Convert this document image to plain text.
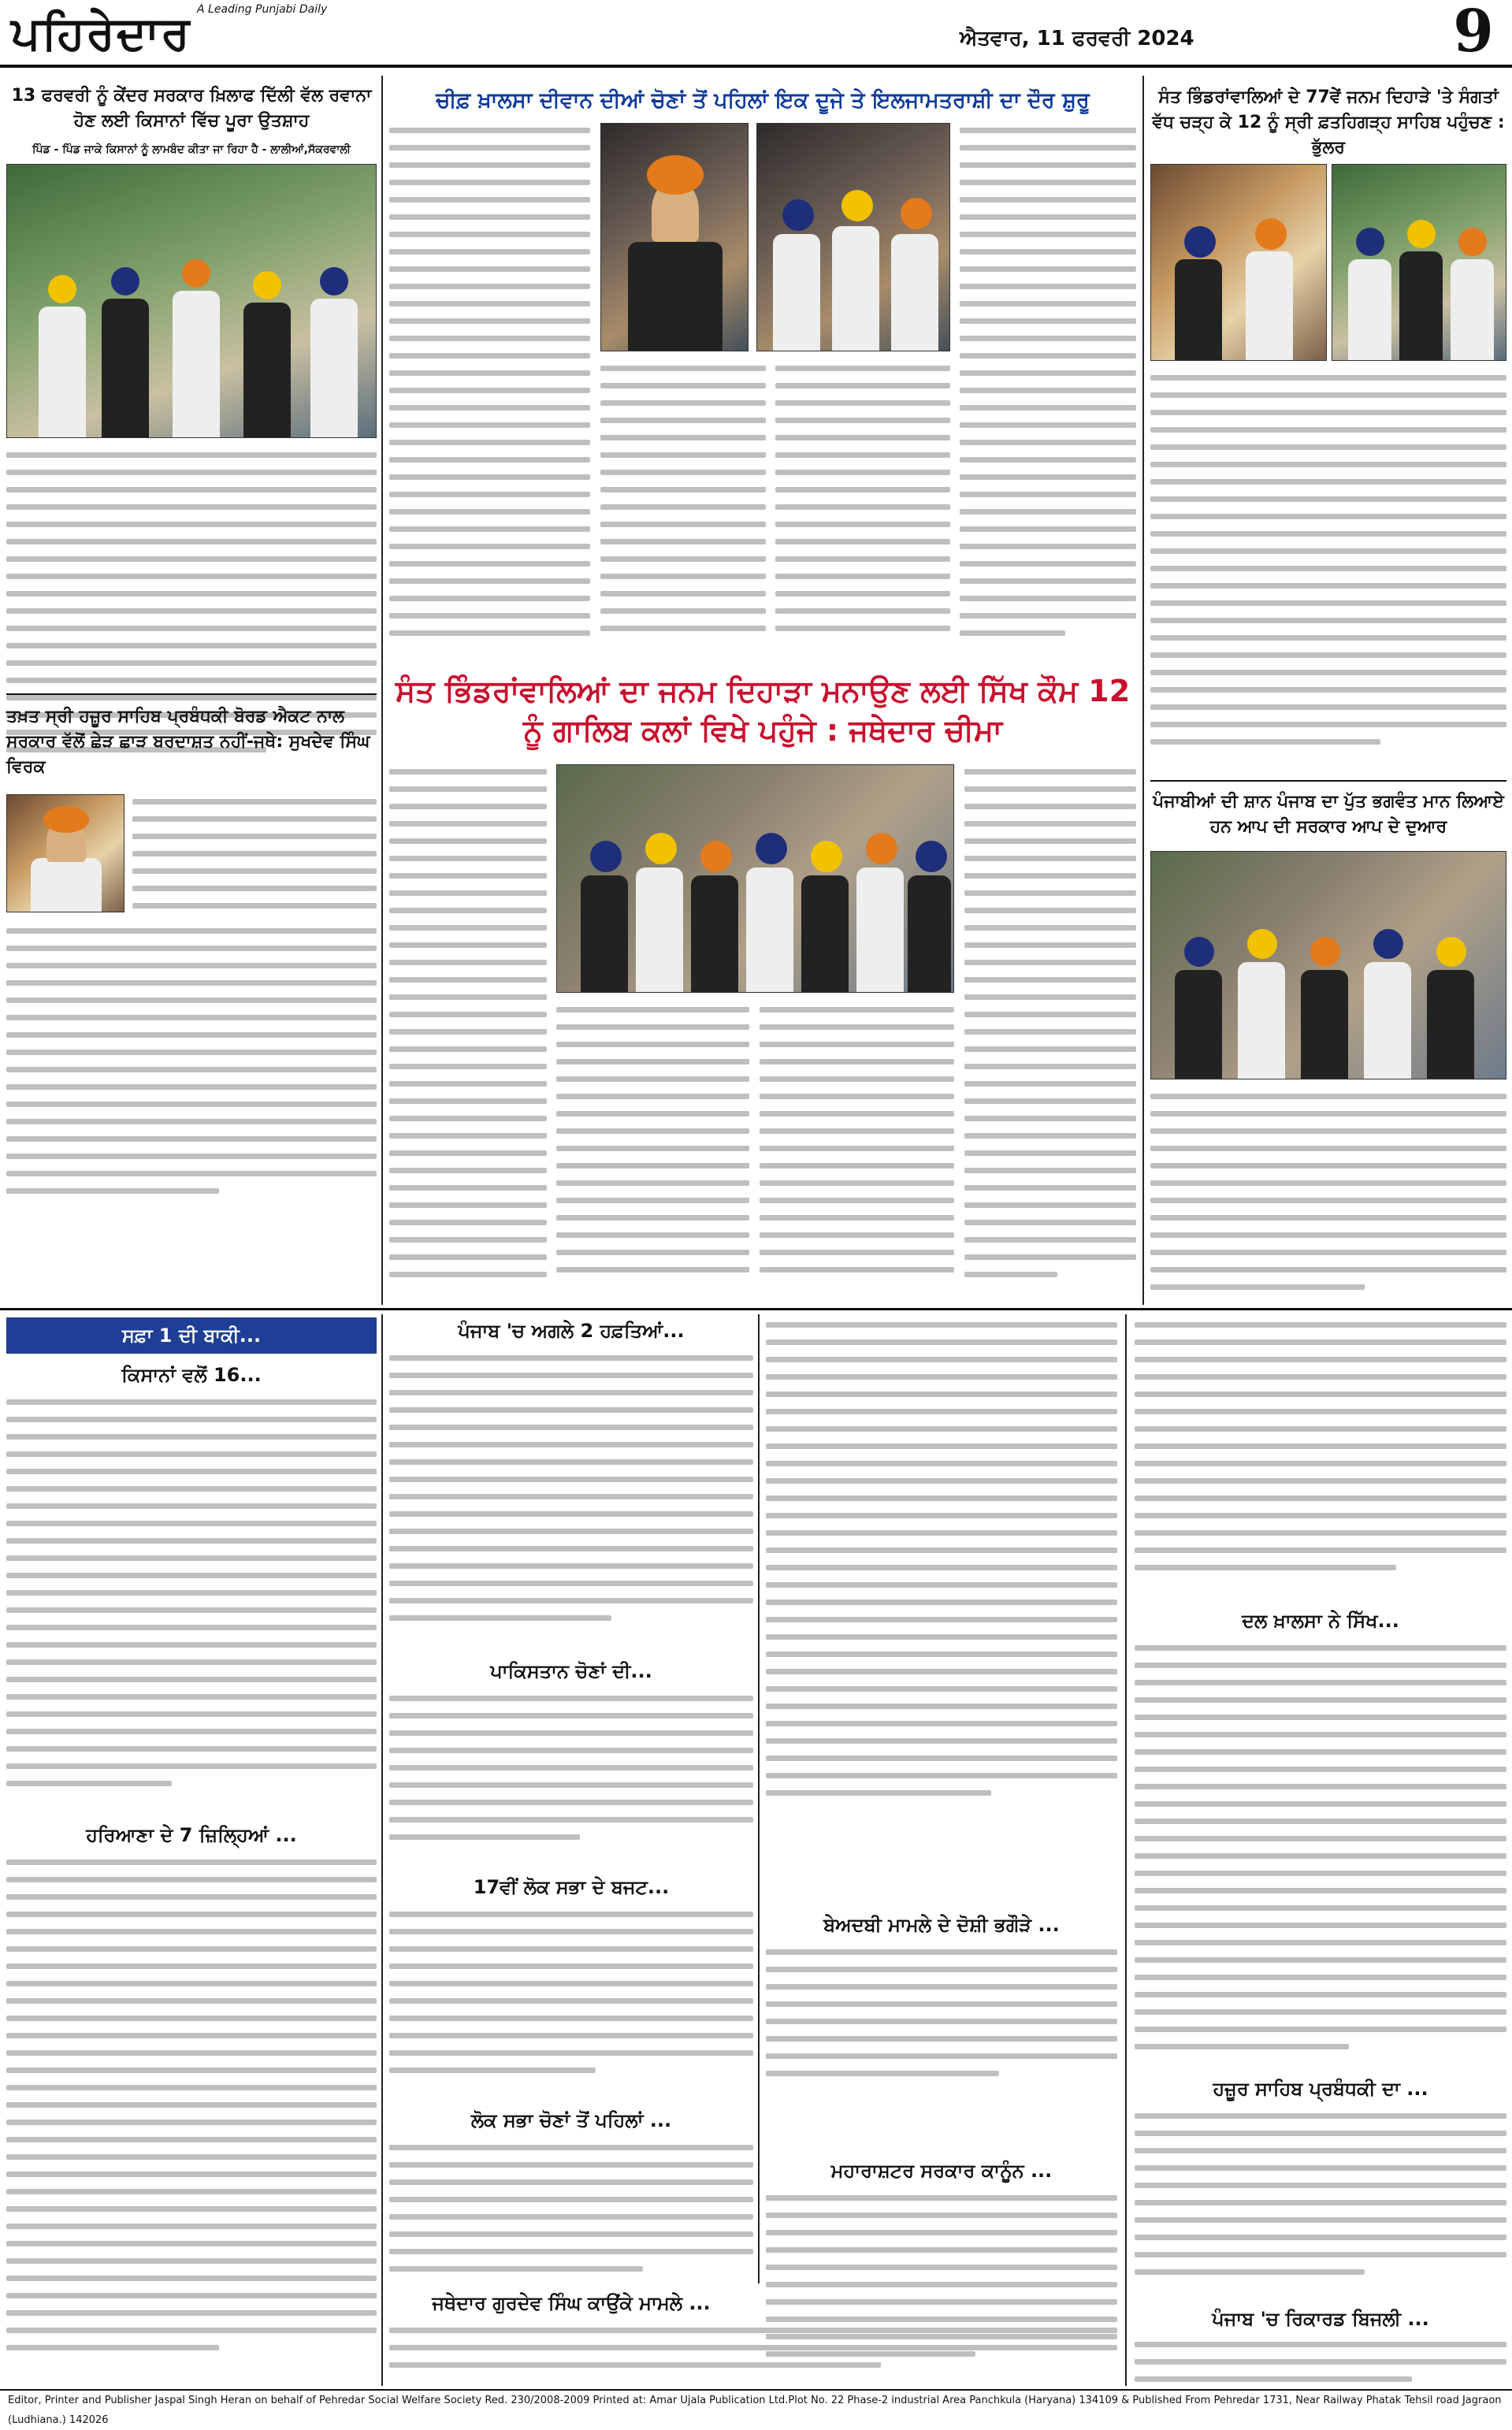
ਪਹਿਰੇਦਾਰ A Leading Punjabi Daily
ਐਤਵਾਰ, 11 ਫਰਵਰੀ 2024	9
13 ਫਰਵਰੀ ਨੂੰ ਕੇਂਦਰ ਸਰਕਾਰ ਖ਼ਿਲਾਫ ਦਿੱਲੀ ਵੱਲ ਰਵਾਨਾ ਹੋਣ ਲਈ ਕਿਸਾਨਾਂ ਵਿੱਚ ਪੂਰਾ ਉਤਸ਼ਾਹ
ਪਿੰਡ - ਪਿੰਡ ਜਾਕੇ ਕਿਸਾਨਾਂ ਨੂੰ ਲਾਮਬੰਦ ਕੀਤਾ ਜਾ ਰਿਹਾ ਹੈ - ਲਾਲੀਆਂ,ਸੱਕਰਵਾਲੀ
ਤਖ਼ਤ ਸ੍ਰੀ ਹਜ਼ੂਰ ਸਾਹਿਬ ਪ੍ਰਬੰਧਕੀ ਬੋਰਡ ਐਕਟ ਨਾਲ ਸਰਕਾਰ ਵੱਲੋਂ ਛੇੜ ਛਾੜ ਬਰਦਾਸ਼ਤ ਨਹੀਂ-ਜਥੇ: ਸੁਖਦੇਵ ਸਿੰਘ ਵਿਰਕ
ਚੀਫ਼ ਖ਼ਾਲਸਾ ਦੀਵਾਨ ਦੀਆਂ ਚੋਣਾਂ ਤੋਂ ਪਹਿਲਾਂ ਇਕ ਦੂਜੇ ਤੇ ਇਲਜਾਮਤਰਾਸ਼ੀ ਦਾ ਦੌਰ ਸ਼ੁਰੂ
ਸੰਤ ਭਿੰਡਰਾਂਵਾਲਿਆਂ ਦਾ ਜਨਮ ਦਿਹਾੜਾ ਮਨਾਉਣ ਲਈ ਸਿੱਖ ਕੌਮ 12 ਨੂੰ ਗਾਲਿਬ ਕਲਾਂ ਵਿਖੇ ਪਹੁੰਜੇ : ਜਥੇਦਾਰ ਚੀਮਾ
ਸੰਤ ਭਿੰਡਰਾਂਵਾਲਿਆਂ ਦੇ 77ਵੇਂ ਜਨਮ ਦਿਹਾੜੇ 'ਤੇ ਸੰਗਤਾਂ ਵੱਧ ਚੜ੍ਹ ਕੇ 12 ਨੂੰ ਸ੍ਰੀ ਫ਼ਤਹਿਗੜ੍ਹ ਸਾਹਿਬ ਪਹੁੰਚਣ : ਭੁੱਲਰ
ਪੰਜਾਬੀਆਂ ਦੀ ਸ਼ਾਨ ਪੰਜਾਬ ਦਾ ਪੁੱਤ ਭਗਵੰਤ ਮਾਨ ਲਿਆਏ ਹਨ ਆਪ ਦੀ ਸਰਕਾਰ ਆਪ ਦੇ ਦੁਆਰ
ਸਫ਼ਾ 1 ਦੀ ਬਾਕੀ...
ਕਿਸਾਨਾਂ ਵਲੋਂ 16...
ਹਰਿਆਣਾ ਦੇ 7 ਜ਼ਿਲ੍ਹਿਆਂ ...
ਪੰਜਾਬ 'ਚ ਅਗਲੇ 2 ਹਫ਼ਤਿਆਂ...
ਪਾਕਿਸਤਾਨ ਚੋਣਾਂ ਦੀ...
17ਵੀਂ ਲੋਕ ਸਭਾ ਦੇ ਬਜਟ...
ਲੋਕ ਸਭਾ ਚੋਣਾਂ ਤੋਂ ਪਹਿਲਾਂ ...
ਜਥੇਦਾਰ ਗੁਰਦੇਵ ਸਿੰਘ ਕਾਉਂਕੇ ਮਾਮਲੇ ...
ਬੇਅਦਬੀ ਮਾਮਲੇ ਦੇ ਦੋਸ਼ੀ ਭਗੌੜੇ ...
ਮਹਾਰਾਸ਼ਟਰ ਸਰਕਾਰ ਕਾਨੂੰਨ ...
ਦਲ ਖ਼ਾਲਸਾ ਨੇ ਸਿੱਖ...
ਹਜ਼ੂਰ ਸਾਹਿਬ ਪ੍ਰਬੰਧਕੀ ਦਾ ...
ਪੰਜਾਬ 'ਚ ਰਿਕਾਰਡ ਬਿਜਲੀ ...
Editor, Printer and Publisher Jaspal Singh Heran on behalf of Pehredar Social Welfare Society Red. 230/2008-2009 Printed at: Amar Ujala Publication Ltd.Plot No. 22 Phase-2 industrial Area Panchkula (Haryana) 134109 & Published From Pehredar 1731, Near Railway Phatak Tehsil road Jagraon (Ludhiana.) 142026
